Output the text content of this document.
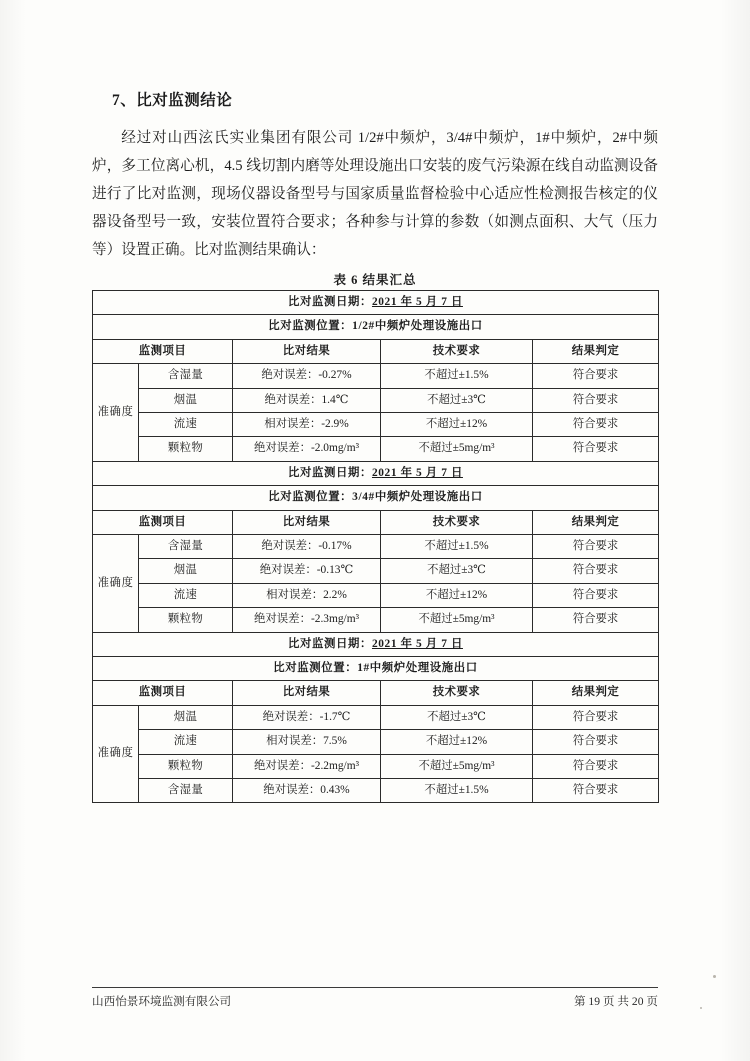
7、比对监测结论

经过对山西泫氏实业集团有限公司 1/2#中频炉，3/4#中频炉，1#中频炉，2#中频炉，多工位离心机，4.5 线切割内磨等处理设施出口安装的废气污染源在线自动监测设备进行了比对监测，现场仪器设备型号与国家质量监督检验中心适应性检测报告核定的仪器设备型号一致，安装位置符合要求；各种参与计算的参数（如测点面积、大气（压力等）设置正确。比对监测结果确认：

表 6 结果汇总
比对监测日期：2021 年 5 月 7 日				
比对监测位置：1/2#中频炉处理设施出口				
监测项目		比对结果	技术要求	结果判定
准确度	含湿量	绝对误差：-0.27%	不超过±1.5%	符合要求
	烟温	绝对误差：1.4℃	不超过±3℃	符合要求
	流速	相对误差：-2.9%	不超过±12%	符合要求
	颗粒物	绝对误差：-2.0mg/m³	不超过±5mg/m³	符合要求
比对监测日期：2021 年 5 月 7 日				
比对监测位置：3/4#中频炉处理设施出口				
监测项目		比对结果	技术要求	结果判定
准确度	含湿量	绝对误差：-0.17%	不超过±1.5%	符合要求
	烟温	绝对误差：-0.13℃	不超过±3℃	符合要求
	流速	相对误差：2.2%	不超过±12%	符合要求
	颗粒物	绝对误差：-2.3mg/m³	不超过±5mg/m³	符合要求
比对监测日期：2021 年 5 月 7 日				
比对监测位置：1#中频炉处理设施出口				
监测项目		比对结果	技术要求	结果判定
准确度	烟温	绝对误差：-1.7℃	不超过±3℃	符合要求
	流速	相对误差：7.5%	不超过±12%	符合要求
	颗粒物	绝对误差：-2.2mg/m³	不超过±5mg/m³	符合要求
	含湿量	绝对误差：0.43%	不超过±1.5%	符合要求
山西怡景环境监测有限公司	第 19 页 共 20 页
